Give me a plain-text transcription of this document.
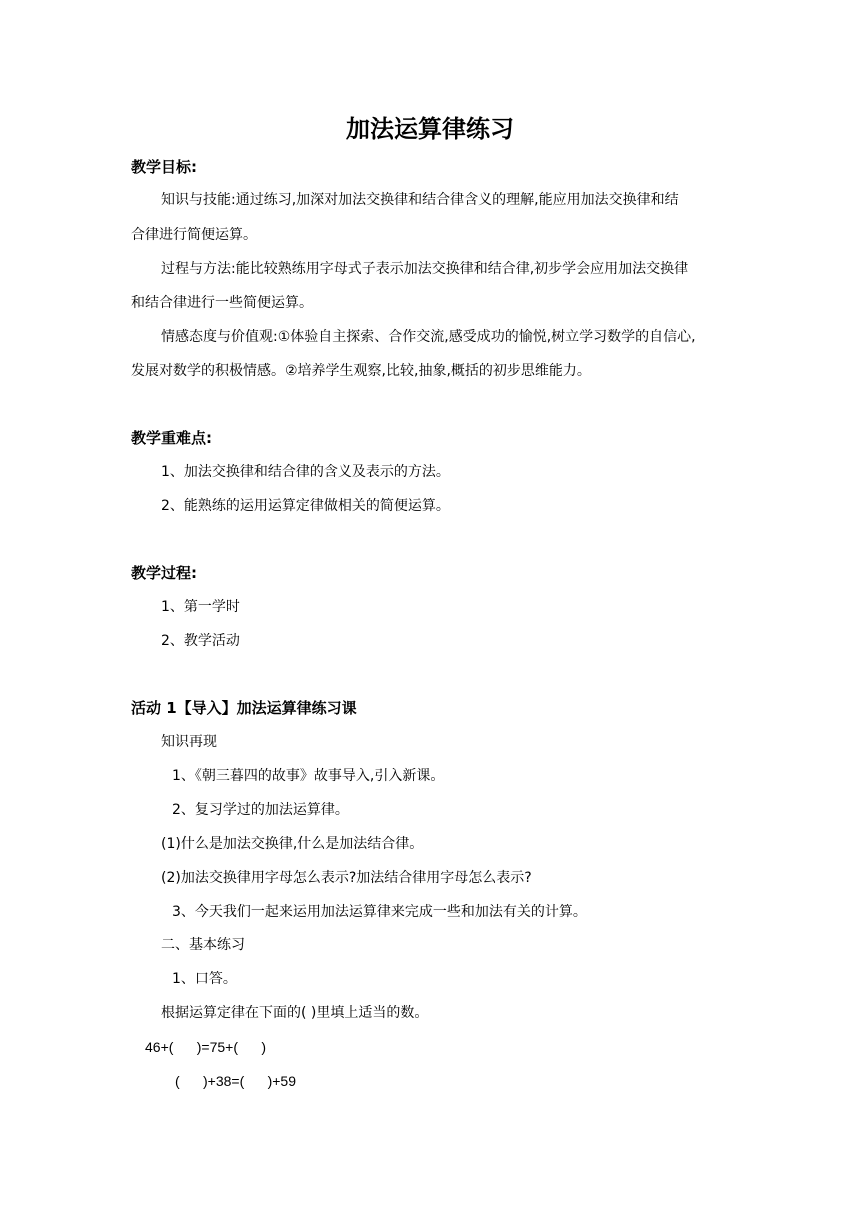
加法运算律练习
教学目标:
知识与技能:通过练习,加深对加法交换律和结合律含义的理解,能应用加法交换律和结
合律进行简便运算。
过程与方法:能比较熟练用字母式子表示加法交换律和结合律,初步学会应用加法交换律
和结合律进行一些简便运算。
情感态度与价值观:①体验自主探索、合作交流,感受成功的愉悦,树立学习数学的自信心,
发展对数学的积极情感。②培养学生观察,比较,抽象,概括的初步思维能力。
教学重难点:
1、加法交换律和结合律的含义及表示的方法。
2、能熟练的运用运算定律做相关的简便运算。
教学过程:
1、第一学时
2、教学活动
活动 1【导入】加法运算律练习课
知识再现
1、《朝三暮四的故事》故事导入,引入新课。
2、复习学过的加法运算律。
(1)什么是加法交换律,什么是加法结合律。
(2)加法交换律用字母怎么表示?加法结合律用字母怎么表示?
3、今天我们一起来运用加法运算律来完成一些和加法有关的计算。
二、基本练习
1、口答。
根据运算定律在下面的( )里填上适当的数。
46+(      )=75+(      )
(      )+38=(      )+59
